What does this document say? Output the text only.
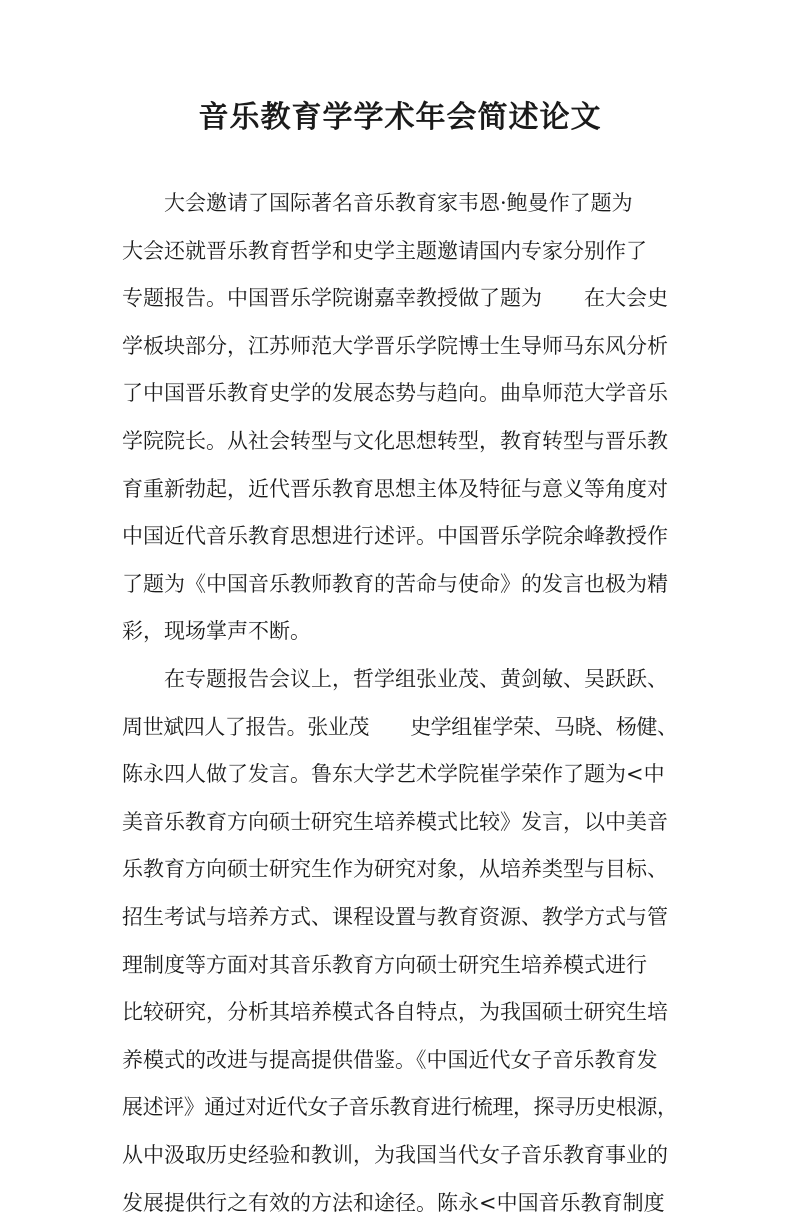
音乐教育学学术年会简述论文
　　大会邀请了国际著名音乐教育家韦恩·鲍曼作了题为
大会还就晋乐教育哲学和史学主题邀请国内专家分别作了
专题报告。中国晋乐学院谢嘉幸教授做了题为　　在大会史
学板块部分，江苏师范大学晋乐学院博士生导师马东风分析
了中国晋乐教育史学的发展态势与趋向。曲阜师范大学音乐
学院院长。从社会转型与文化思想转型，教育转型与晋乐教
育重新勃起，近代晋乐教育思想主体及特征与意义等角度对
中国近代音乐教育思想进行述评。中国晋乐学院余峰教授作
了题为《中国音乐教师教育的苦命与使命》的发言也极为精
彩，现场掌声不断。
　　在专题报告会议上，哲学组张业茂、黄剑敏、吴跃跃、
周世斌四人了报告。张业茂　　史学组崔学荣、马晓、杨健、
陈永四人做了发言。鲁东大学艺术学院崔学荣作了题为<中
美音乐教育方向硕士研究生培养模式比较》发言，以中美音
乐教育方向硕士研究生作为研究对象，从培养类型与目标、
招生考试与培养方式、课程设置与教育资源、教学方式与管
理制度等方面对其音乐教育方向硕士研究生培养模式进行
比较研究，分析其培养模式各自特点，为我国硕士研究生培
养模式的改进与提高提供借鉴。《中国近代女子音乐教育发
展述评》通过对近代女子音乐教育进行梳理，探寻历史根源，
从中汲取历史经验和教训，为我国当代女子音乐教育事业的
发展提供行之有效的方法和途径。陈永<中国音乐教育制度
